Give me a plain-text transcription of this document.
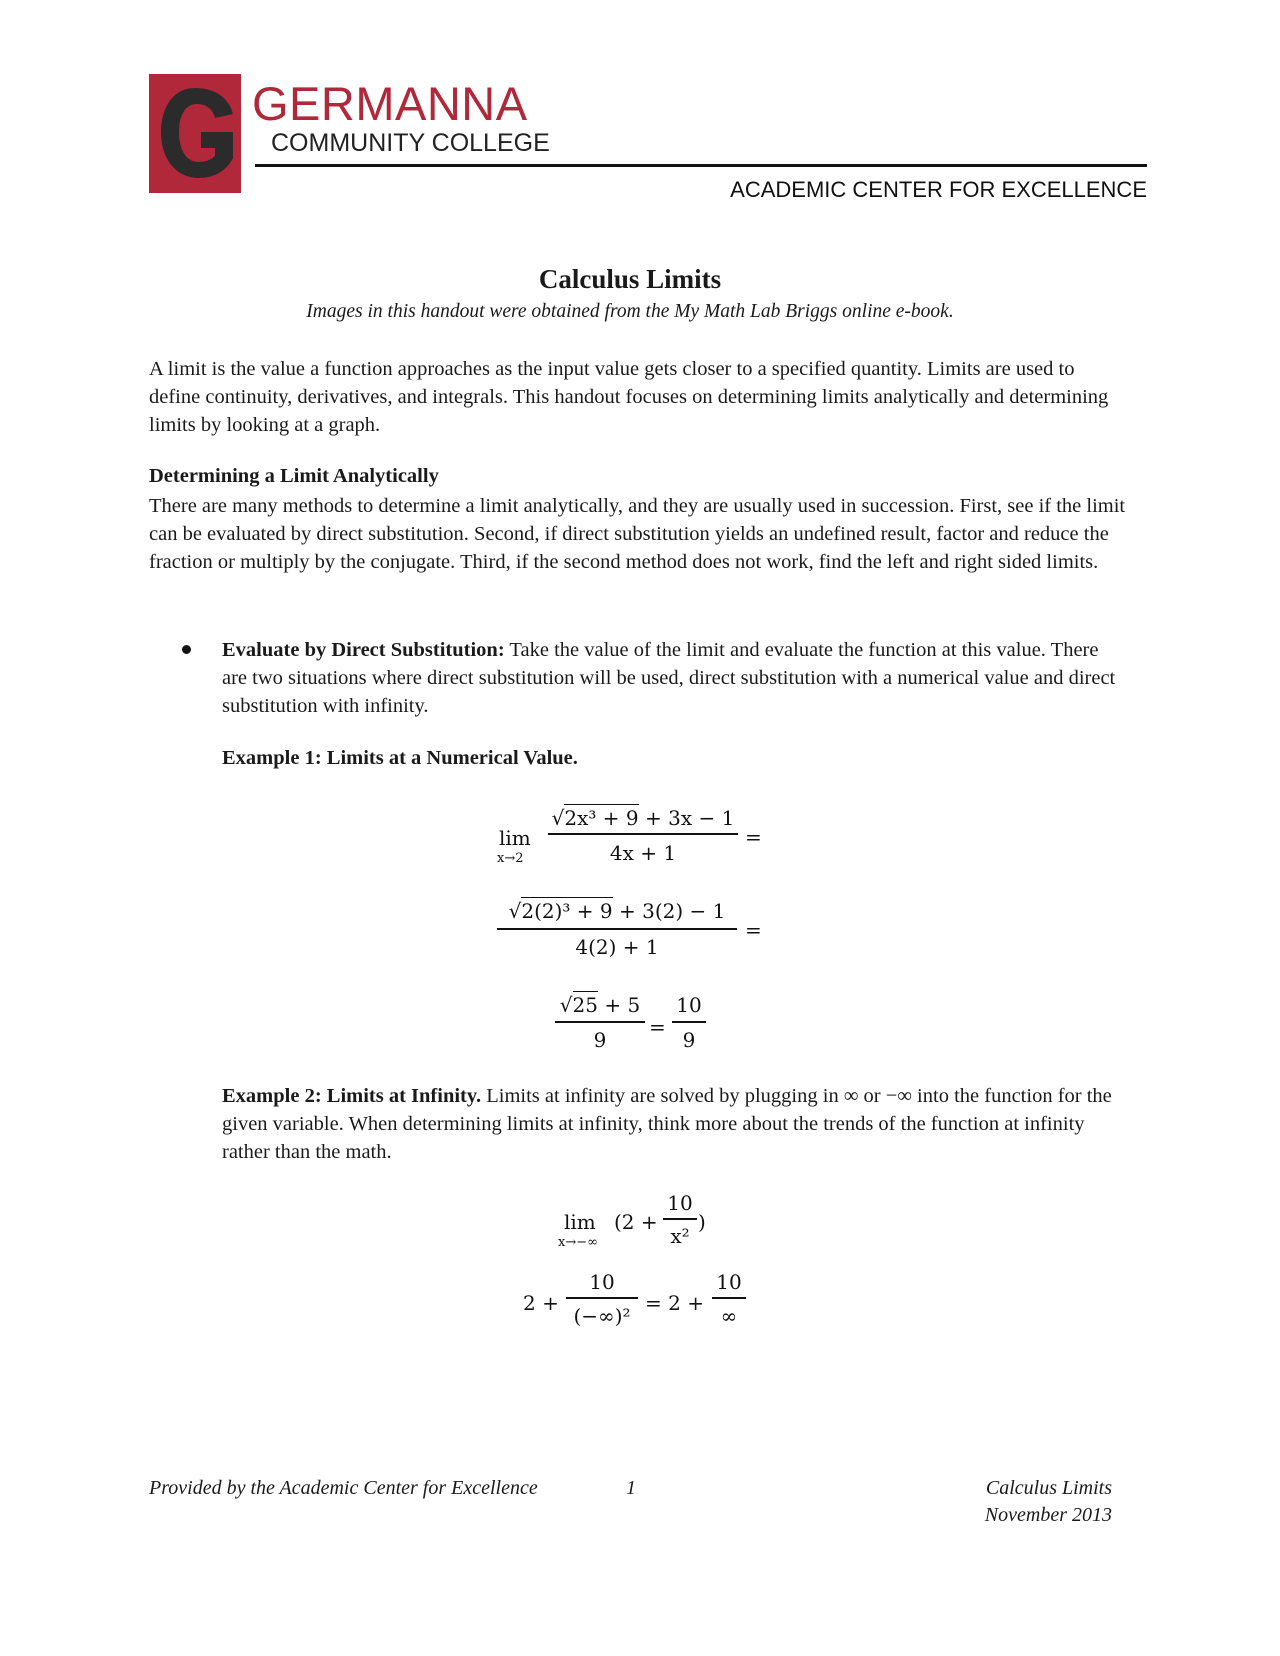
GERMANNA
COMMUNITY COLLEGE
ACADEMIC CENTER FOR EXCELLENCE
Calculus Limits
Images in this handout were obtained from the My Math Lab Briggs online e-book.
A limit is the value a function approaches as the input value gets closer to a specified quantity. Limits are used to define continuity, derivatives, and integrals. This handout focuses on determining limits analytically and determining limits by looking at a graph.
Determining a Limit Analytically
There are many methods to determine a limit analytically, and they are usually used in succession. First, see if the limit can be evaluated by direct substitution. Second, if direct substitution yields an undefined result, factor and reduce the fraction or multiply by the conjugate. Third, if the second method does not work, find the left and right sided limits.
Evaluate by Direct Substitution: Take the value of the limit and evaluate the function at this value. There are two situations where direct substitution will be used, direct substitution with a numerical value and direct substitution with infinity.
Example 1: Limits at a Numerical Value.
lim
x→2
√2x³ + 9 + 3x − 1
4x + 1
=
√2(2)³ + 9 + 3(2) − 1
4(2) + 1
=
√25 + 5
9
=
10
9
Example 2: Limits at Infinity. Limits at infinity are solved by plugging in ∞ or −∞ into the function for the given variable. When determining limits at infinity, think more about the trends of the function at infinity rather than the math.
lim
x→−∞
(2 +
10
x²
)
2 +
10
(−∞)²
= 2 +
10
∞
Provided by the Academic Center for Excellence	1	Calculus Limits
November 2013
